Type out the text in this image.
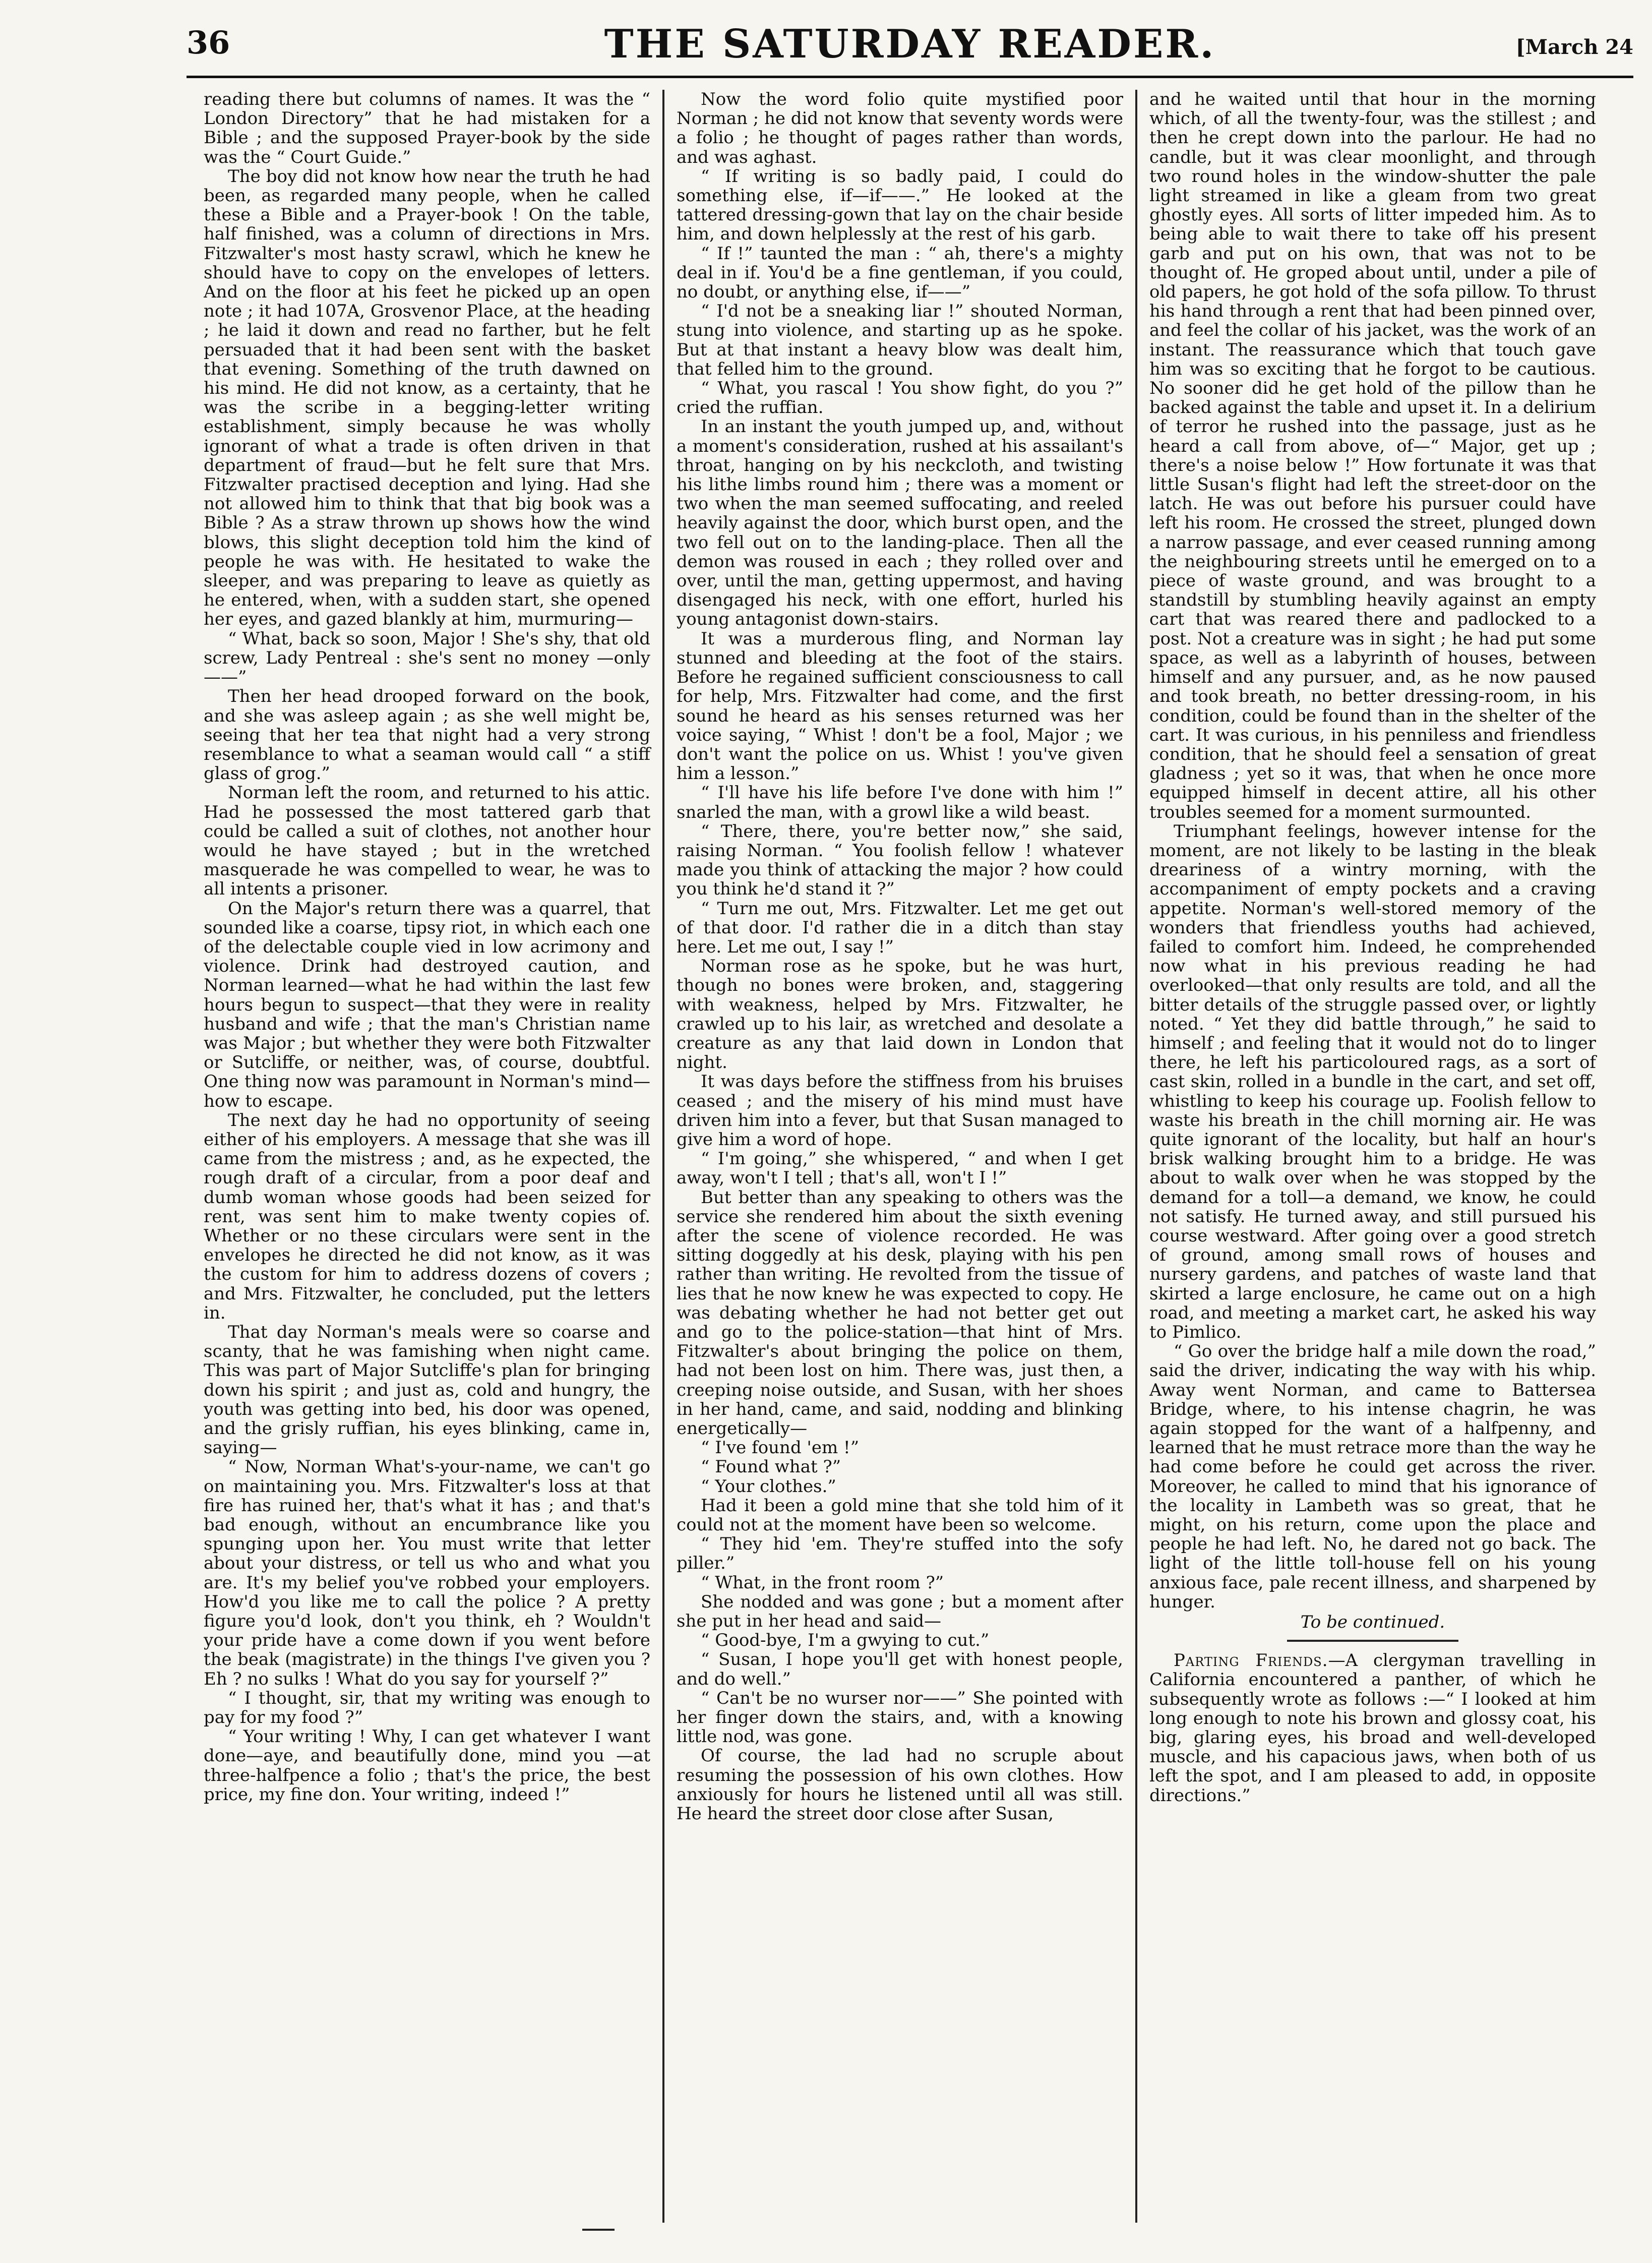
36	THE SATURDAY READER.	[March 24

reading there but columns of names. It was the “ London Directory” that he had mistaken for a Bible ; and the supposed Prayer-book by the side was the “ Court Guide.”

The boy did not know how near the truth he had been, as regarded many people, when he called these a Bible and a Prayer-book ! On the table, half finished, was a column of directions in Mrs. Fitzwalter's most hasty scrawl, which he knew he should have to copy on the envelopes of letters. And on the floor at his feet he picked up an open note ; it had 107A, Grosvenor Place, at the heading ; he laid it down and read no farther, but he felt persuaded that it had been sent with the basket that evening. Something of the truth dawned on his mind. He did not know, as a certainty, that he was the scribe in a begging-letter writing establishment, simply because he was wholly ignorant of what a trade is often driven in that department of fraud—but he felt sure that Mrs. Fitzwalter practised deception and lying. Had she not allowed him to think that that big book was a Bible ? As a straw thrown up shows how the wind blows, this slight deception told him the kind of people he was with. He hesitated to wake the sleeper, and was preparing to leave as quietly as he entered, when, with a sudden start, she opened her eyes, and gazed blankly at him, murmuring—

“ What, back so soon, Major ! She's shy, that old screw, Lady Pentreal : she's sent no money —only——”

Then her head drooped forward on the book, and she was asleep again ; as she well might be, seeing that her tea that night had a very strong resemblance to what a seaman would call “ a stiff glass of grog.”

Norman left the room, and returned to his attic. Had he possessed the most tattered garb that could be called a suit of clothes, not another hour would he have stayed ; but in the wretched masquerade he was compelled to wear, he was to all intents a prisoner.

On the Major's return there was a quarrel, that sounded like a coarse, tipsy riot, in which each one of the delectable couple vied in low acrimony and violence. Drink had destroyed caution, and Norman learned—what he had within the last few hours begun to suspect—that they were in reality husband and wife ; that the man's Christian name was Major ; but whether they were both Fitzwalter or Sutcliffe, or neither, was, of course, doubtful. One thing now was paramount in Norman's mind—how to escape.

The next day he had no opportunity of seeing either of his employers. A message that she was ill came from the mistress ; and, as he expected, the rough draft of a circular, from a poor deaf and dumb woman whose goods had been seized for rent, was sent him to make twenty copies of. Whether or no these circulars were sent in the envelopes he directed he did not know, as it was the custom for him to address dozens of covers ; and Mrs. Fitzwalter, he concluded, put the letters in.

That day Norman's meals were so coarse and scanty, that he was famishing when night came. This was part of Major Sutcliffe's plan for bringing down his spirit ; and just as, cold and hungry, the youth was getting into bed, his door was opened, and the grisly ruffian, his eyes blinking, came in, saying—

“ Now, Norman What's-your-name, we can't go on maintaining you. Mrs. Fitzwalter's loss at that fire has ruined her, that's what it has ; and that's bad enough, without an encumbrance like you spunging upon her. You must write that letter about your distress, or tell us who and what you are. It's my belief you've robbed your employers. How'd you like me to call the police ? A pretty figure you'd look, don't you think, eh ? Wouldn't your pride have a come down if you went before the beak (magistrate) in the things I've given you ? Eh ? no sulks ! What do you say for yourself ?”

“ I thought, sir, that my writing was enough to pay for my food ?”

“ Your writing ! Why, I can get whatever I want done—aye, and beautifully done, mind you —at three-halfpence a folio ; that's the price, the best price, my fine don. Your writing, indeed !”

Now the word folio quite mystified poor Norman ; he did not know that seventy words were a folio ; he thought of pages rather than words, and was aghast.

“ If writing is so badly paid, I could do something else, if—if——.” He looked at the tattered dressing-gown that lay on the chair beside him, and down helplessly at the rest of his garb.

“ If !” taunted the man : “ ah, there's a mighty deal in if. You'd be a fine gentleman, if you could, no doubt, or anything else, if——”

“ I'd not be a sneaking liar !” shouted Norman, stung into violence, and starting up as he spoke. But at that instant a heavy blow was dealt him, that felled him to the ground.

“ What, you rascal ! You show fight, do you ?” cried the ruffian.

In an instant the youth jumped up, and, without a moment's consideration, rushed at his assailant's throat, hanging on by his neckcloth, and twisting his lithe limbs round him ; there was a moment or two when the man seemed suffocating, and reeled heavily against the door, which burst open, and the two fell out on to the landing-place. Then all the demon was roused in each ; they rolled over and over, until the man, getting uppermost, and having disengaged his neck, with one effort, hurled his young antagonist down-stairs.

It was a murderous fling, and Norman lay stunned and bleeding at the foot of the stairs. Before he regained sufficient consciousness to call for help, Mrs. Fitzwalter had come, and the first sound he heard as his senses returned was her voice saying, “ Whist ! don't be a fool, Major ; we don't want the police on us. Whist ! you've given him a lesson.”

“ I'll have his life before I've done with him !” snarled the man, with a growl like a wild beast.

“ There, there, you're better now,” she said, raising Norman. “ You foolish fellow ! whatever made you think of attacking the major ? how could you think he'd stand it ?”

“ Turn me out, Mrs. Fitzwalter. Let me get out of that door. I'd rather die in a ditch than stay here. Let me out, I say !”

Norman rose as he spoke, but he was hurt, though no bones were broken, and, staggering with weakness, helped by Mrs. Fitzwalter, he crawled up to his lair, as wretched and desolate a creature as any that laid down in London that night.

It was days before the stiffness from his bruises ceased ; and the misery of his mind must have driven him into a fever, but that Susan managed to give him a word of hope.

“ I'm going,” she whispered, “ and when I get away, won't I tell ; that's all, won't I !”

But better than any speaking to others was the service she rendered him about the sixth evening after the scene of violence recorded. He was sitting doggedly at his desk, playing with his pen rather than writing. He revolted from the tissue of lies that he now knew he was expected to copy. He was debating whether he had not better get out and go to the police-station—that hint of Mrs. Fitzwalter's about bringing the police on them, had not been lost on him. There was, just then, a creeping noise outside, and Susan, with her shoes in her hand, came, and said, nodding and blinking energetically—

“ I've found 'em !”

“ Found what ?”

“ Your clothes.”

Had it been a gold mine that she told him of it could not at the moment have been so welcome.

“ They hid 'em. They're stuffed into the sofy piller.”

“ What, in the front room ?”

She nodded and was gone ; but a moment after she put in her head and said—

“ Good-bye, I'm a gwying to cut.”

“ Susan, I hope you'll get with honest people, and do well.”

“ Can't be no wurser nor——” She pointed with her finger down the stairs, and, with a knowing little nod, was gone.

Of course, the lad had no scruple about resuming the possession of his own clothes. How anxiously for hours he listened until all was still. He heard the street door close after Susan,

and he waited until that hour in the morning which, of all the twenty-four, was the stillest ; and then he crept down into the parlour. He had no candle, but it was clear moonlight, and through two round holes in the window-shutter the pale light streamed in like a gleam from two great ghostly eyes. All sorts of litter impeded him. As to being able to wait there to take off his present garb and put on his own, that was not to be thought of. He groped about until, under a pile of old papers, he got hold of the sofa pillow. To thrust his hand through a rent that had been pinned over, and feel the collar of his jacket, was the work of an instant. The reassurance which that touch gave him was so exciting that he forgot to be cautious. No sooner did he get hold of the pillow than he backed against the table and upset it. In a delirium of terror he rushed into the passage, just as he heard a call from above, of—“ Major, get up ; there's a noise below !” How fortunate it was that little Susan's flight had left the street-door on the latch. He was out before his pursuer could have left his room. He crossed the street, plunged down a narrow passage, and ever ceased running among the neighbouring streets until he emerged on to a piece of waste ground, and was brought to a standstill by stumbling heavily against an empty cart that was reared there and padlocked to a post. Not a creature was in sight ; he had put some space, as well as a labyrinth of houses, between himself and any pursuer, and, as he now paused and took breath, no better dressing-room, in his condition, could be found than in the shelter of the cart. It was curious, in his penniless and friendless condition, that he should feel a sensation of great gladness ; yet so it was, that when he once more equipped himself in decent attire, all his other troubles seemed for a moment surmounted.

Triumphant feelings, however intense for the moment, are not likely to be lasting in the bleak dreariness of a wintry morning, with the accompaniment of empty pockets and a craving appetite. Norman's well-stored memory of the wonders that friendless youths had achieved, failed to comfort him. Indeed, he comprehended now what in his previous reading he had overlooked—that only results are told, and all the bitter details of the struggle passed over, or lightly noted. “ Yet they did battle through,” he said to himself ; and feeling that it would not do to linger there, he left his particoloured rags, as a sort of cast skin, rolled in a bundle in the cart, and set off, whistling to keep his courage up. Foolish fellow to waste his breath in the chill morning air. He was quite ignorant of the locality, but half an hour's brisk walking brought him to a bridge. He was about to walk over when he was stopped by the demand for a toll—a demand, we know, he could not satisfy. He turned away, and still pursued his course westward. After going over a good stretch of ground, among small rows of houses and nursery gardens, and patches of waste land that skirted a large enclosure, he came out on a high road, and meeting a market cart, he asked his way to Pimlico.

“ Go over the bridge half a mile down the road,” said the driver, indicating the way with his whip. Away went Norman, and came to Battersea Bridge, where, to his intense chagrin, he was again stopped for the want of a halfpenny, and learned that he must retrace more than the way he had come before he could get across the river. Moreover, he called to mind that his ignorance of the locality in Lambeth was so great, that he might, on his return, come upon the place and people he had left. No, he dared not go back. The light of the little toll-house fell on his young anxious face, pale recent illness, and sharpened by hunger.

To be continued.

Parting Friends.—A clergyman travelling in California encountered a panther, of which he subsequently wrote as follows :—“ I looked at him long enough to note his brown and glossy coat, his big, glaring eyes, his broad and well-developed muscle, and his capacious jaws, when both of us left the spot, and I am pleased to add, in opposite directions.”
